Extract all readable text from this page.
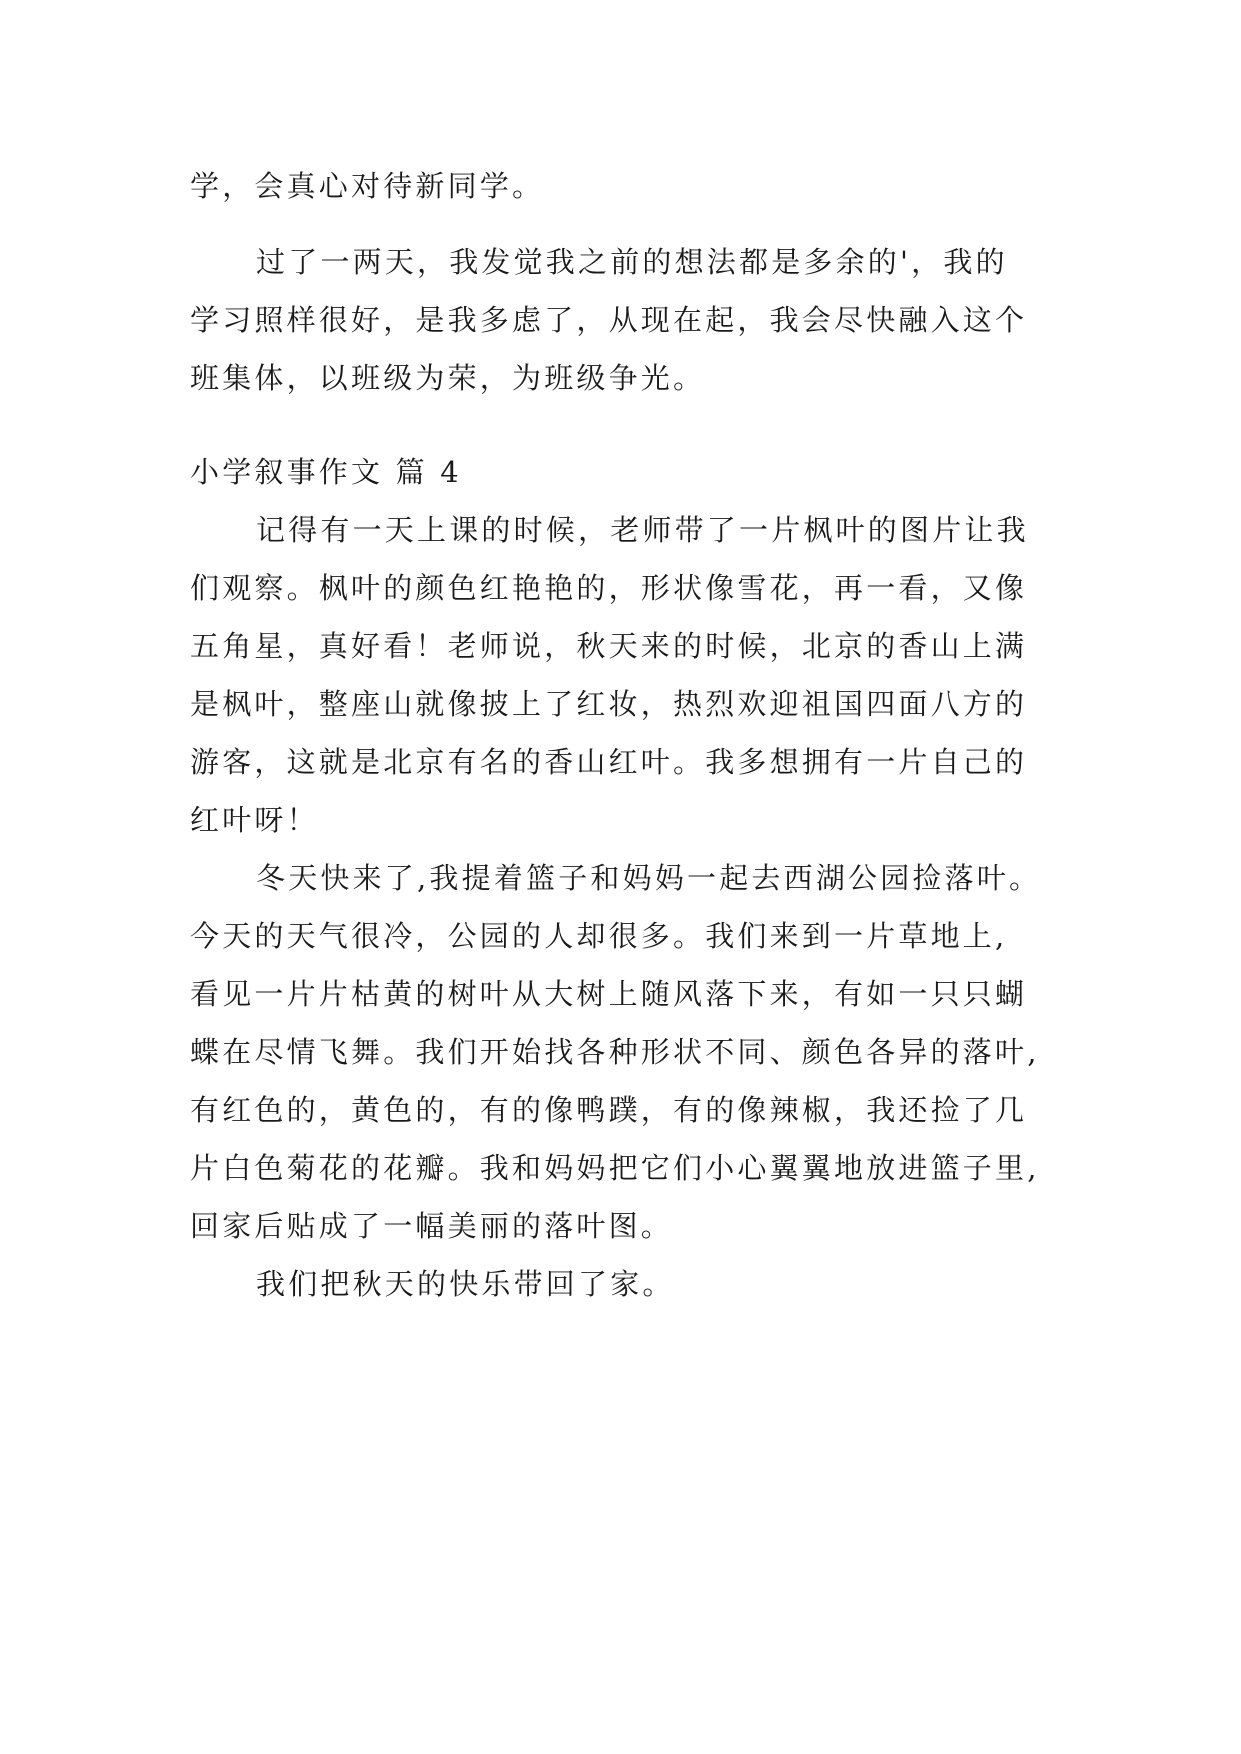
学，会真心对待新同学。
过了一两天，我发觉我之前的想法都是多余的'，我的
学习照样很好，是我多虑了，从现在起，我会尽快融入这个
班集体，以班级为荣，为班级争光。
小学叙事作文 篇 4
记得有一天上课的时候，老师带了一片枫叶的图片让我
们观察。枫叶的颜色红艳艳的，形状像雪花，再一看，又像
五角星，真好看！老师说，秋天来的时候，北京的香山上满
是枫叶，整座山就像披上了红妆，热烈欢迎祖国四面八方的
游客，这就是北京有名的香山红叶。我多想拥有一片自己的
红叶呀！
冬天快来了,我提着篮子和妈妈一起去西湖公园捡落叶。
今天的天气很冷，公园的人却很多。我们来到一片草地上,
看见一片片枯黄的树叶从大树上随风落下来，有如一只只蝴
蝶在尽情飞舞。我们开始找各种形状不同、颜色各异的落叶,
有红色的，黄色的，有的像鸭蹼，有的像辣椒，我还捡了几
片白色菊花的花瓣。我和妈妈把它们小心翼翼地放进篮子里,
回家后贴成了一幅美丽的落叶图。
我们把秋天的快乐带回了家。
